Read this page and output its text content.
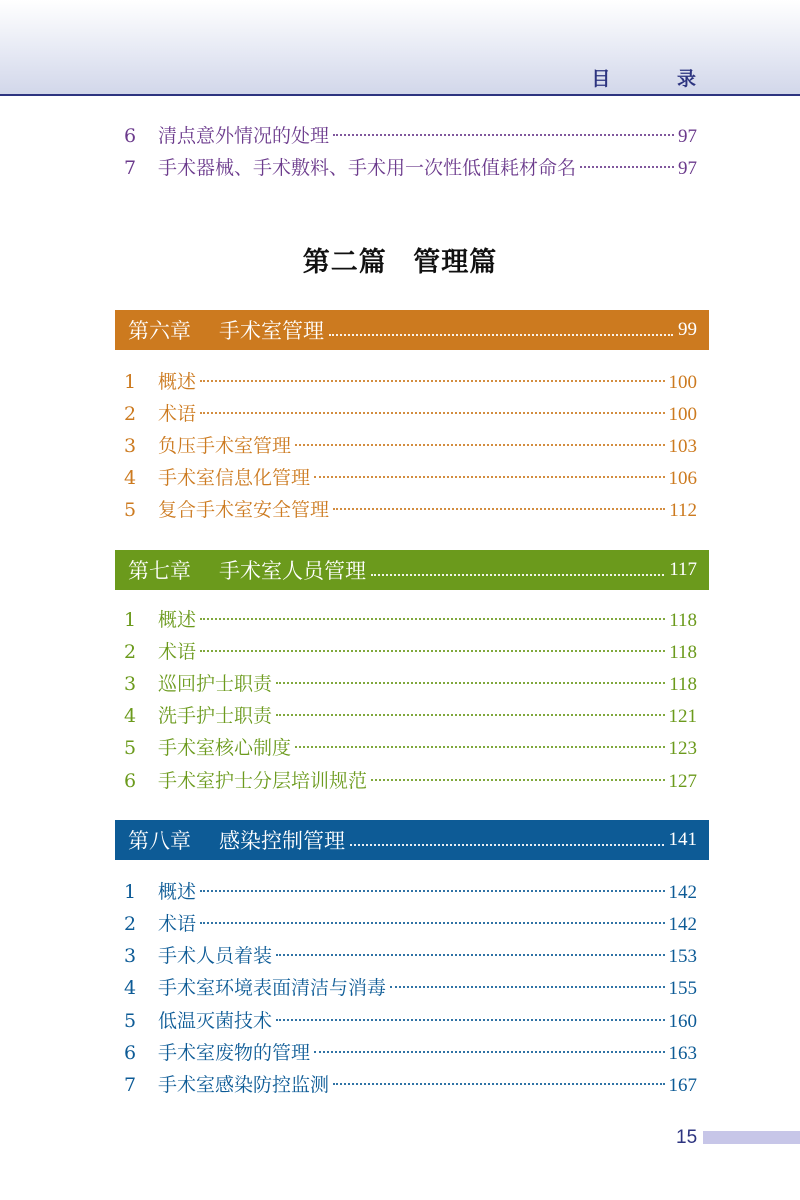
目 录
6	清点意外情况的处理	97
7	手术器械、手术敷料、手术用一次性低值耗材命名	97
第二篇 管理篇
第六章 手术室管理	99
1	概述	100
2	术语	100
3	负压手术室管理	103
4	手术室信息化管理	106
5	复合手术室安全管理	112
第七章 手术室人员管理	117
1	概述	118
2	术语	118
3	巡回护士职责	118
4	洗手护士职责	121
5	手术室核心制度	123
6	手术室护士分层培训规范	127
第八章 感染控制管理	141
1	概述	142
2	术语	142
3	手术人员着装	153
4	手术室环境表面清洁与消毒	155
5	低温灭菌技术	160
6	手术室废物的管理	163
7	手术室感染防控监测	167
15
